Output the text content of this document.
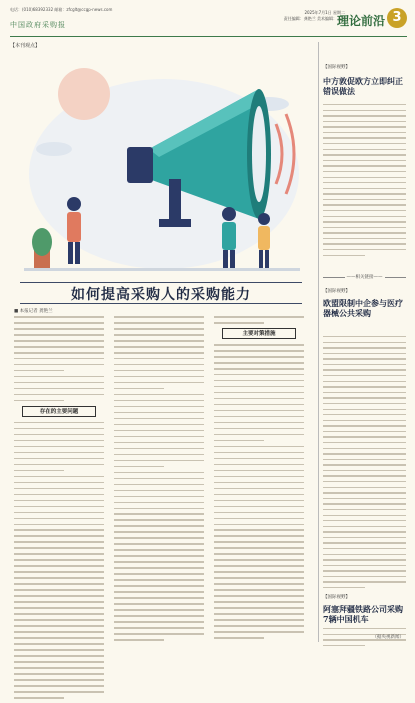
电话：(010)68392332 邮箱：zfcglt@ccgp-news.com
中国政府采购报
2025年7月1日 星期二
责任编辑：龚艳兰 美术编辑：王凡
理论前沿 3
【本刊观点】
如何提高采购人的采购能力
■ 本报记者 龚艳兰
存在的主要问题
主要对策措施
【国际视野】
中方敦促欧方立即纠正错误做法
——相关链接——
【国际视野】
欧盟限制中企参与医疗器械公共采购
【国际视野】
阿塞拜疆铁路公司采购7辆中国机车
（据央视新闻）
